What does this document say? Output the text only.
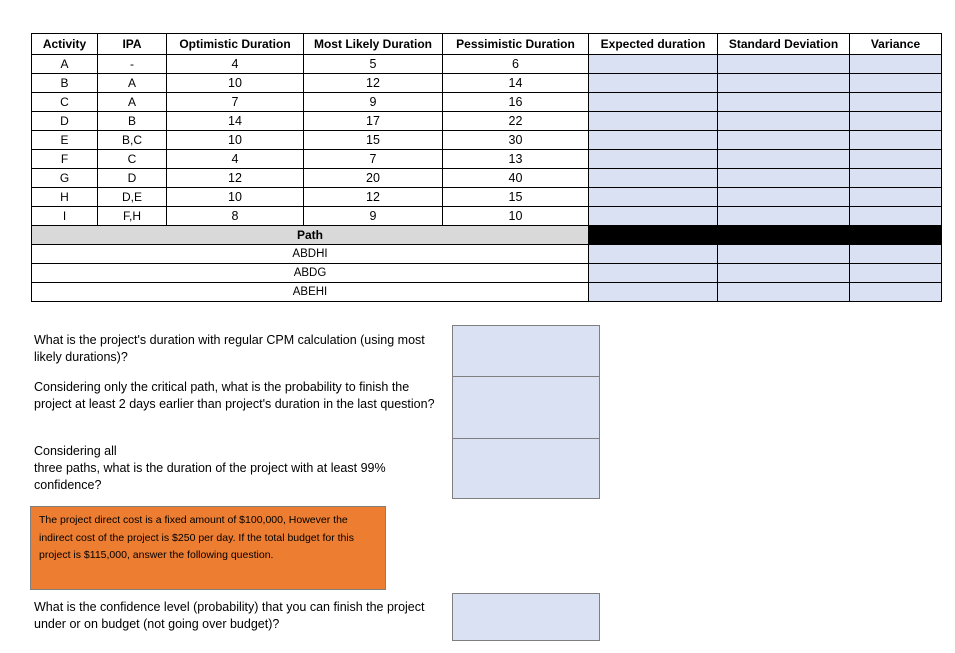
Activity	IPA	Optimistic Duration	Most Likely Duration	Pessimistic Duration	Expected duration	Standard Deviation	Variance
A	-	4	5	6			
B	A	10	12	14			
C	A	7	9	16			
D	B	14	17	22			
E	B,C	10	15	30			
F	C	4	7	13			
G	D	12	20	40			
H	D,E	10	12	15			
I	F,H	8	9	10			
Path							
ABDHI							
ABDG							
ABEHI							
What is the project's duration with regular CPM calculation (using most likely durations)?
Considering only the critical path, what is the probability to finish the project at least 2 days earlier than project's duration in the last question?
Considering all
three paths, what is the duration of the project with at least 99% confidence?
The project direct cost is a fixed amount of $100,000, However the indirect cost of the project is $250 per day. If the total budget for this project is $115,000, answer the following question.
What is the confidence level (probability) that you can finish the project under or on budget (not going over budget)?
